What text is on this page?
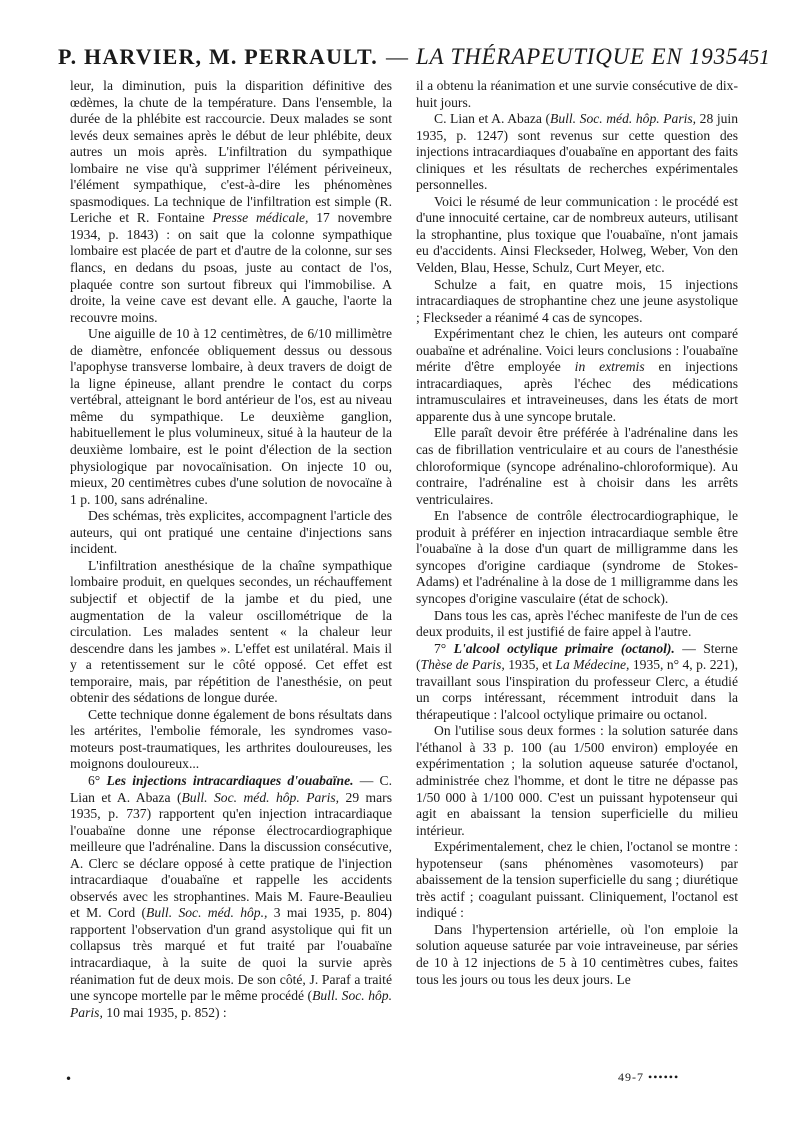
P. HARVIER, M. PERRAULT. — LA THÉRAPEUTIQUE EN 1935 451

leur, la diminution, puis la disparition définitive des œdèmes, la chute de la température. Dans l'ensemble, la durée de la phlébite est raccourcie. Deux malades se sont levés deux semaines après le début de leur phlébite, deux autres un mois après. L'infiltration du sympathique lombaire ne vise qu'à supprimer l'élément périveineux, l'élément sympathique, c'est-à-dire les phénomènes spasmodiques. La technique de l'infiltration est simple (R. Leriche et R. Fontaine Presse médicale, 17 novembre 1934, p. 1843) : on sait que la colonne sympathique lombaire est placée de part et d'autre de la colonne, sur ses flancs, en dedans du psoas, juste au contact de l'os, plaquée contre son surtout fibreux qui l'immobilise. A droite, la veine cave est devant elle. A gauche, l'aorte la recouvre moins.

Une aiguille de 10 à 12 centimètres, de 6/10 millimètre de diamètre, enfoncée obliquement dessus ou dessous l'apophyse transverse lombaire, à deux travers de doigt de la ligne épineuse, allant prendre le contact du corps vertébral, atteignant le bord antérieur de l'os, est au niveau même du sympathique. Le deuxième ganglion, habituellement le plus volumineux, situé à la hauteur de la deuxième lombaire, est le point d'élection de la section physiologique par novocaïnisation. On injecte 10 ou, mieux, 20 centimètres cubes d'une solution de novocaïne à 1 p. 100, sans adrénaline.

Des schémas, très explicites, accompagnent l'article des auteurs, qui ont pratiqué une centaine d'injections sans incident.

L'infiltration anesthésique de la chaîne sympathique lombaire produit, en quelques secondes, un réchauffement subjectif et objectif de la jambe et du pied, une augmentation de la valeur oscillométrique de la circulation. Les malades sentent « la chaleur leur descendre dans les jambes ». L'effet est unilatéral. Mais il y a retentissement sur le côté opposé. Cet effet est temporaire, mais, par répétition de l'anesthésie, on peut obtenir des sédations de longue durée.

Cette technique donne également de bons résultats dans les artérites, l'embolie fémorale, les syndromes vaso-moteurs post-traumatiques, les arthrites douloureuses, les moignons douloureux...

6° Les injections intracardiaques d'ouabaïne. — C. Lian et A. Abaza (Bull. Soc. méd. hôp. Paris, 29 mars 1935, p. 737) rapportent qu'en injection intracardiaque l'ouabaïne donne une réponse électrocardiographique meilleure que l'adrénaline. Dans la discussion consécutive, A. Clerc se déclare opposé à cette pratique de l'injection intracardiaque d'ouabaïne et rappelle les accidents observés avec les strophantines. Mais M. Faure-Beaulieu et M. Cord (Bull. Soc. méd. hôp., 3 mai 1935, p. 804) rapportent l'observation d'un grand asystolique qui fit un collapsus très marqué et fut traité par l'ouabaïne intracardiaque, à la suite de quoi la survie après réanimation fut de deux mois. De son côté, J. Paraf a traité une syncope mortelle par le même procédé (Bull. Soc. hôp. Paris, 10 mai 1935, p. 852) :

il a obtenu la réanimation et une survie consécutive de dix-huit jours.

C. Lian et A. Abaza (Bull. Soc. méd. hôp. Paris, 28 juin 1935, p. 1247) sont revenus sur cette question des injections intracardiaques d'ouabaïne en apportant des faits cliniques et les résultats de recherches expérimentales personnelles.

Voici le résumé de leur communication : le procédé est d'une innocuité certaine, car de nombreux auteurs, utilisant la strophantine, plus toxique que l'ouabaïne, n'ont jamais eu d'accidents. Ainsi Fleckseder, Holweg, Weber, Von den Velden, Blau, Hesse, Schulz, Curt Meyer, etc.

Schulze a fait, en quatre mois, 15 injections intracardiaques de strophantine chez une jeune asystolique ; Fleckseder a réanimé 4 cas de syncopes.

Expérimentant chez le chien, les auteurs ont comparé ouabaïne et adrénaline. Voici leurs conclusions : l'ouabaïne mérite d'être employée in extremis en injections intracardiaques, après l'échec des médications intramusculaires et intraveineuses, dans les états de mort apparente dus à une syncope brutale.

Elle paraît devoir être préférée à l'adrénaline dans les cas de fibrillation ventriculaire et au cours de l'anesthésie chloroformique (syncope adrénalino-chloroformique). Au contraire, l'adrénaline est à choisir dans les arrêts ventriculaires.

En l'absence de contrôle électrocardiographique, le produit à préférer en injection intracardiaque semble être l'ouabaïne à la dose d'un quart de milligramme dans les syncopes d'origine cardiaque (syndrome de Stokes-Adams) et l'adrénaline à la dose de 1 milligramme dans les syncopes d'origine vasculaire (état de schock).

Dans tous les cas, après l'échec manifeste de l'un de ces deux produits, il est justifié de faire appel à l'autre.

7° L'alcool octylique primaire (octanol). — Sterne (Thèse de Paris, 1935, et La Médecine, 1935, n° 4, p. 221), travaillant sous l'inspiration du professeur Clerc, a étudié un corps intéressant, récemment introduit dans la thérapeutique : l'alcool octylique primaire ou octanol.

On l'utilise sous deux formes : la solution saturée dans l'éthanol à 33 p. 100 (au 1/500 environ) employée en expérimentation ; la solution aqueuse saturée d'octanol, administrée chez l'homme, et dont le titre ne dépasse pas 1/50 000 à 1/100 000. C'est un puissant hypotenseur qui agit en abaissant la tension superficielle du milieu intérieur.

Expérimentalement, chez le chien, l'octanol se montre : hypotenseur (sans phénomènes vasomoteurs) par abaissement de la tension superficielle du sang ; diurétique très actif ; coagulant puissant. Cliniquement, l'octanol est indiqué :

Dans l'hypertension artérielle, où l'on emploie la solution aqueuse saturée par voie intraveineuse, par séries de 10 à 12 injections de 5 à 10 centimètres cubes, faites tous les jours ou tous les deux jours. Le

•	49-7 ••••••
